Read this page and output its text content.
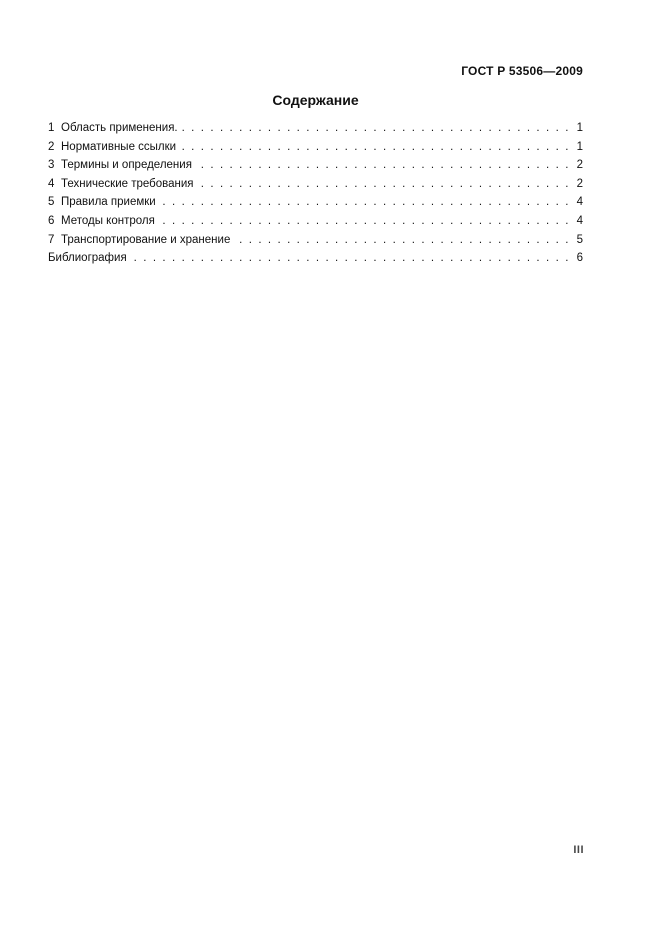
ГОСТ Р 53506—2009
Содержание
1 Область применения. . . .	1
2 Нормативные ссылки . . .	1
3 Термины и определения . . .	2
4 Технические требования . . .	2
5 Правила приемки . . .	4
6 Методы контроля . . .	4
7 Транспортирование и хранение . . .	5
Библиография . . .	6
III
